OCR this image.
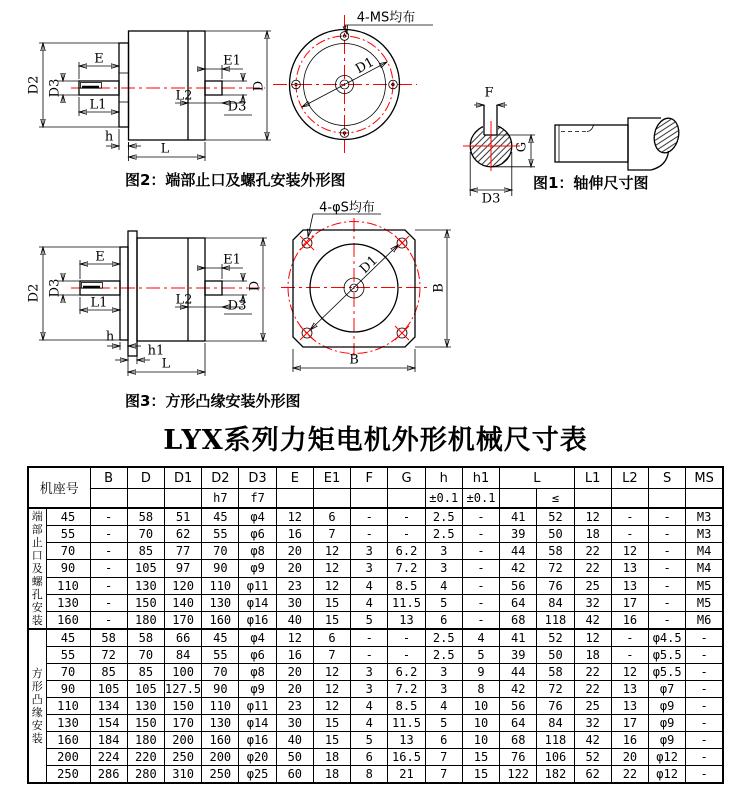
E
D2 D3
L1
L2
E1
D3
D
h
L
D1
4-MS均布
图2：端部止口及螺孔安装外形图
F
G
D3
图1：轴伸尺寸图
E
D2 D3
L1	L2
E1
D3
D
h
h1
L
D1
B
B
4-φS均布
图3：方形凸缘安装外形图
LYX系列力矩电机外形机械尺寸表
机座号		B	D	D1	D2	D3	E	E1	F	G	h	h1	L		L1	L2	S	MS
					h7	f7					±0.1	±0.1		≤				
端部止口及螺孔安装	45	-	58	51	45	φ4	12	6	-	-	2.5	-	41	52	12	-	-	M3
	55	-	70	62	55	φ6	16	7	-	-	2.5	-	39	50	18	-	-	M3
	70	-	85	77	70	φ8	20	12	3	6.2	3	-	44	58	22	12	-	M4
	90	-	105	97	90	φ9	20	12	3	7.2	3	-	42	72	22	13	-	M4
	110	-	130	120	110	φ11	23	12	4	8.5	4	-	56	76	25	13	-	M5
	130	-	150	140	130	φ14	30	15	4	11.5	5	-	64	84	32	17	-	M5
	160	-	180	170	160	φ16	40	15	5	13	6	-	68	118	42	16	-	M6
方形凸缘安装	45	58	58	66	45	φ4	12	6	-	-	2.5	4	41	52	12	-	φ4.5	-
	55	72	70	84	55	φ6	16	7	-	-	2.5	5	39	50	18	-	φ5.5	-
	70	85	85	100	70	φ8	20	12	3	6.2	3	9	44	58	22	12	φ5.5	-
	90	105	105	127.5	90	φ9	20	12	3	7.2	3	8	42	72	22	13	φ7	-
	110	134	130	150	110	φ11	23	12	4	8.5	4	10	56	76	25	13	φ9	-
	130	154	150	170	130	φ14	30	15	4	11.5	5	10	64	84	32	17	φ9	-
	160	184	180	200	160	φ16	40	15	5	13	6	10	68	118	42	16	φ9	-
	200	224	220	250	200	φ20	50	18	6	16.5	7	15	76	106	52	20	φ12	-
	250	286	280	310	250	φ25	60	18	8	21	7	15	122	182	62	22	φ12	-
